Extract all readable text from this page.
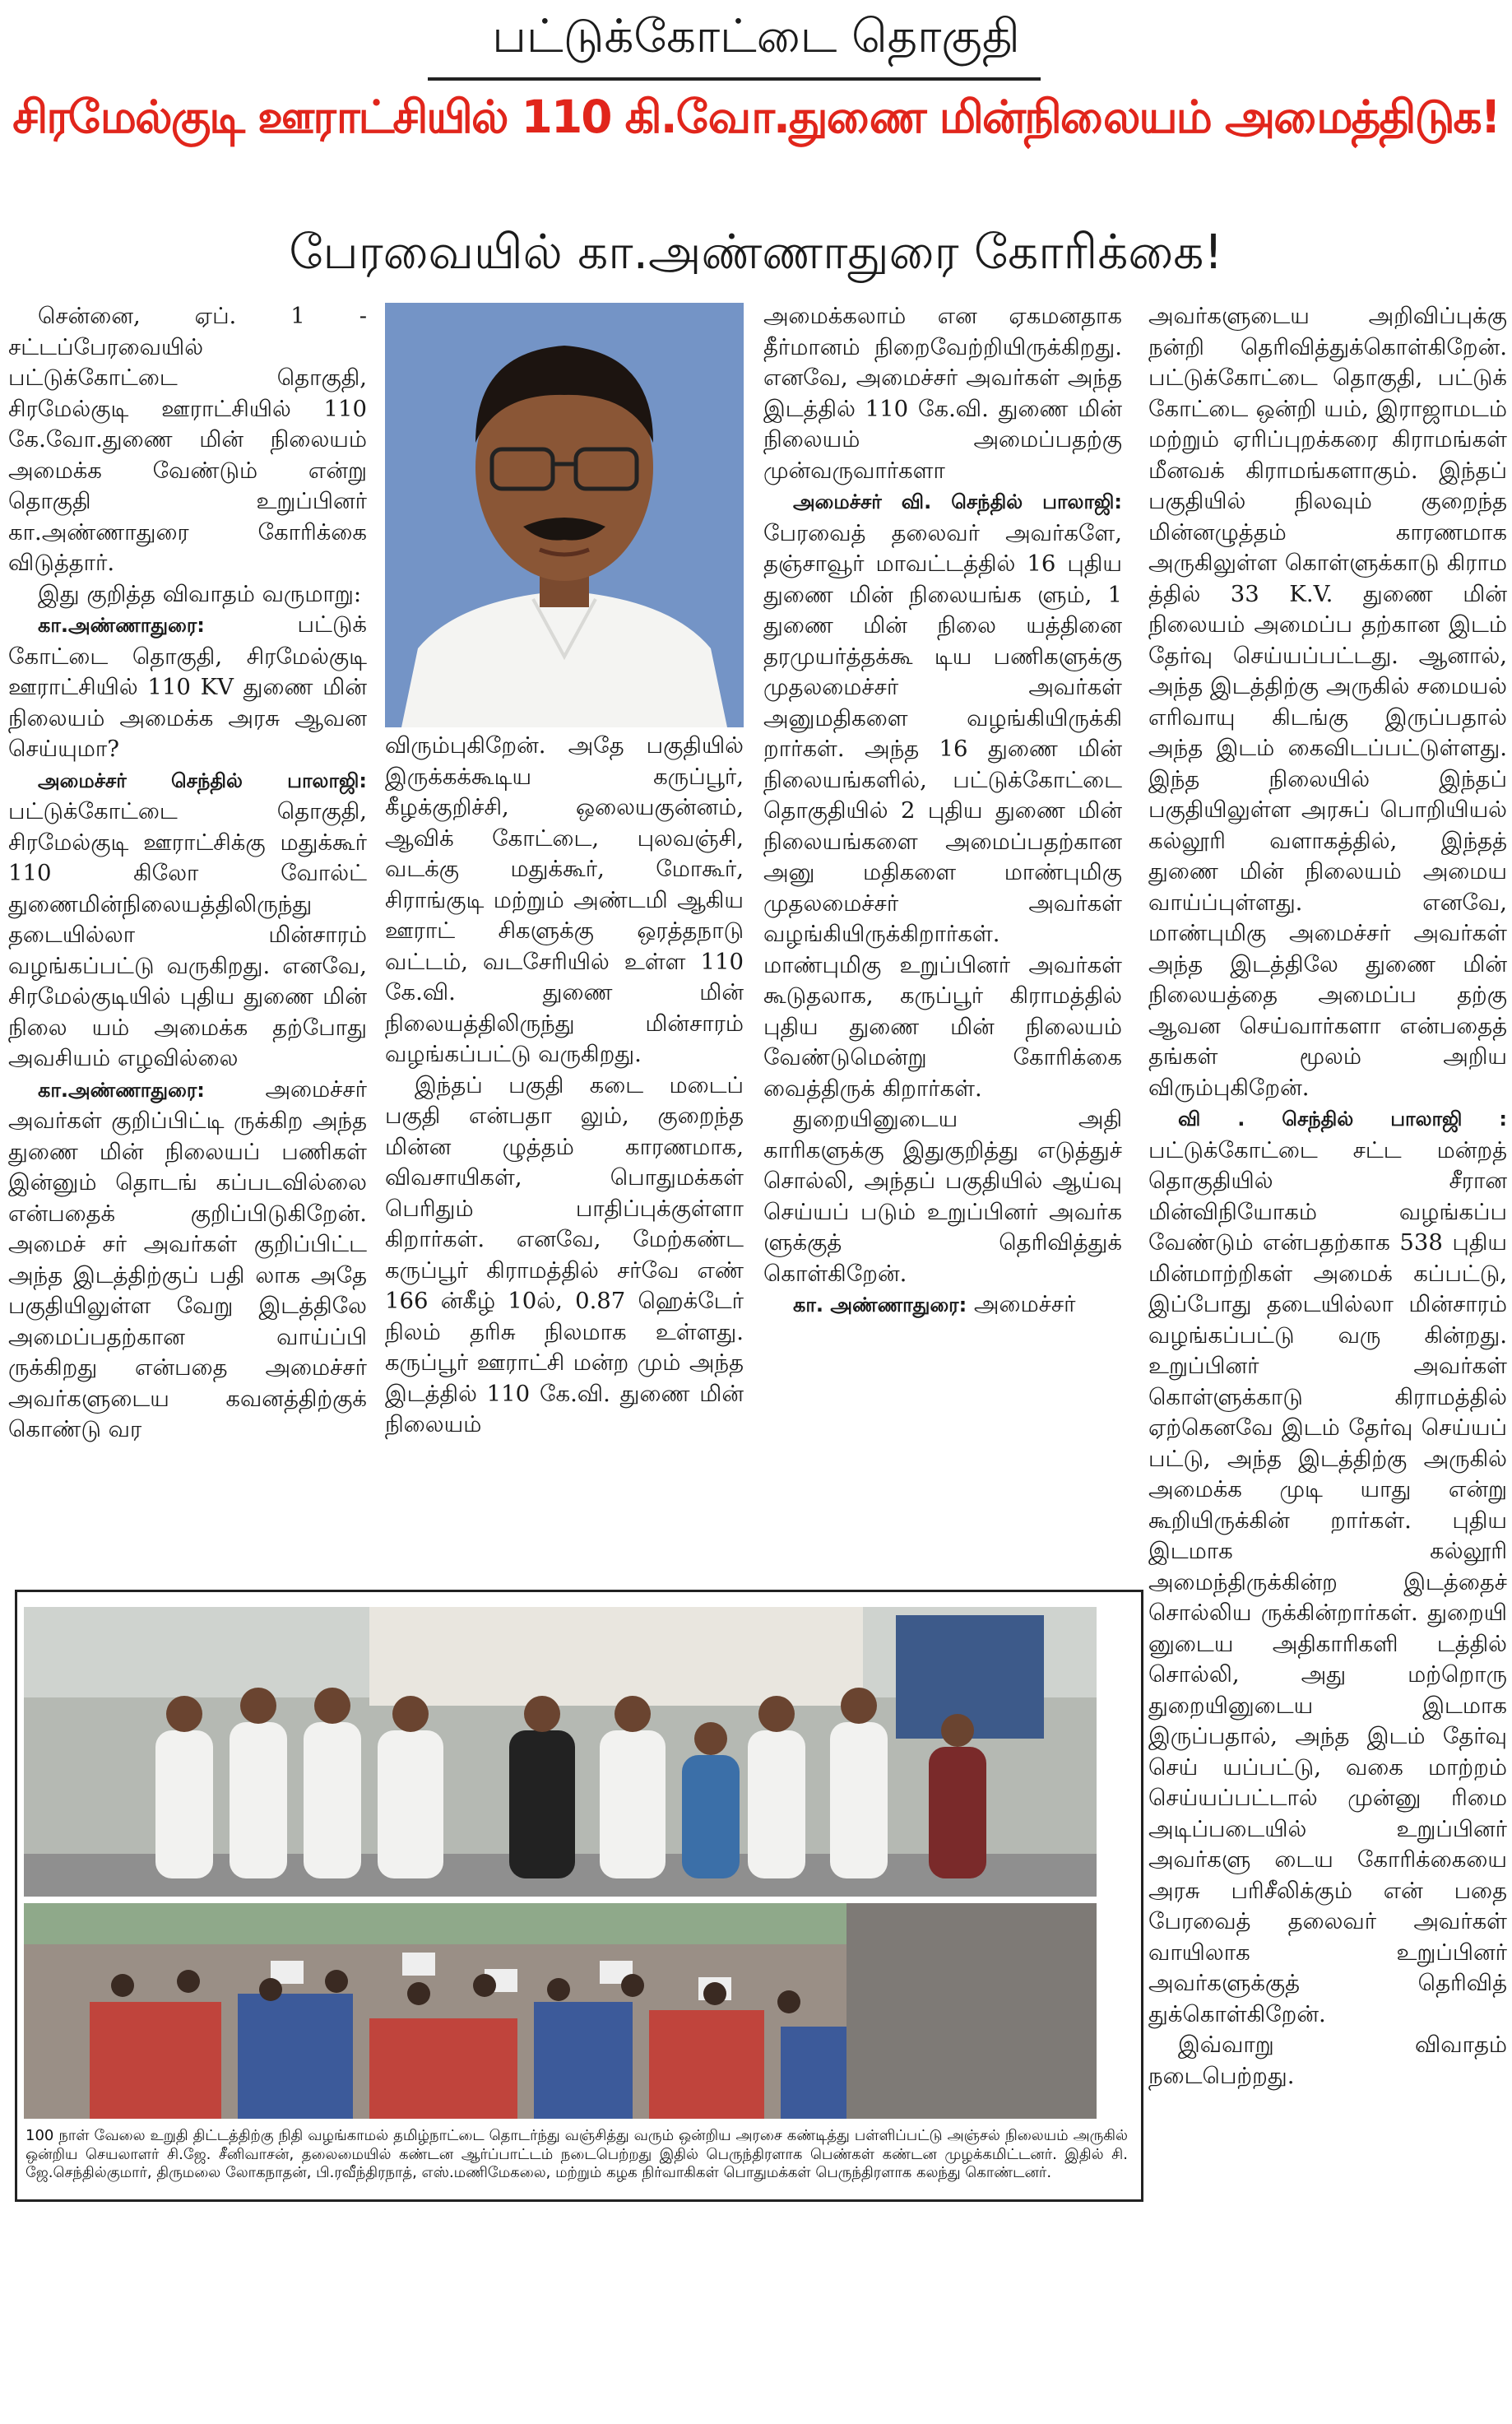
பட்டுக்கோட்டை தொகுதி
சிரமேல்குடி ஊராட்சியில் 110 கி.வோ.துணை மின்நிலையம் அமைத்திடுக!
பேரவையில் கா.அண்ணாதுரை கோரிக்கை!

சென்னை, ஏப். 1 - சட்டப்பேரவையில் பட்டுக்கோட்டை தொகுதி, சிரமேல்குடி ஊராட்சியில் 110 கே.வோ.துணை மின் நிலையம் அமைக்க வேண்டும் என்று தொகுதி உறுப்பினர் கா.அண்ணாதுரை கோரிக்கை விடுத்தார்.

இது குறித்த விவாதம் வருமாறு:

கா.அண்ணாதுரை:	பட்டுக் கோட்டை தொகுதி, சிரமேல்குடி ஊராட்சியில் 110 KV துணை மின் நிலையம் அமைக்க அரசு ஆவன செய்யுமா?

அமைச்சர் செந்தில் பாலாஜி: பட்டுக்கோட்டை தொகுதி, சிரமேல்குடி ஊராட்சிக்கு மதுக்கூர் 110 கிலோ வோல்ட் துணைமின்நிலையத்திலிருந்து தடையில்லா மின்சாரம் வழங்கப்பட்டு வருகிறது. எனவே, சிரமேல்குடியில் புதிய துணை மின் நிலை யம் அமைக்க தற்போது அவசியம் எழவில்லை

கா.அண்ணாதுரை:	அமைச்சர் அவர்கள் குறிப்பிட்டி ருக்கிற அந்த துணை மின் நிலையப் பணிகள் இன்னும் தொடங் கப்படவில்லை என்பதைக் குறிப்பிடுகிறேன். அமைச் சர் அவர்கள் குறிப்பிட்ட அந்த இடத்திற்குப் பதி லாக அதே பகுதியிலுள்ள வேறு இடத்திலே அமைப்பதற்கான வாய்ப்பி ருக்கிறது என்பதை அமைச்சர் அவர்களுடைய கவனத்திற்குக் கொண்டு வர

விரும்புகிறேன். அதே பகுதியில் இருக்கக்கூடிய கருப்பூர், கீழக்குறிச்சி, ஒலையகுன்னம், ஆவிக் கோட்டை, புலவஞ்சி, வடக்கு மதுக்கூர், மோகூர், சிராங்குடி மற்றும் அண்டமி ஆகிய ஊராட் சிகளுக்கு ஒரத்தநாடு வட்டம், வடசேரியில் உள்ள 110 கே.வி. துணை மின் நிலையத்திலிருந்து மின்சாரம் வழங்கப்பட்டு வருகிறது.

இந்தப் பகுதி கடை மடைப் பகுதி என்பதா லும், குறைந்த மின்ன ழுத்தம் காரணமாக, விவசாயிகள், பொதுமக்கள் பெரிதும் பாதிப்புக்குள்ளா கிறார்கள். எனவே, மேற்கண்ட கருப்பூர் கிராமத்தில் சர்வே எண் 166 ன்கீழ் 10ல், 0.87 ஹெக்டேர் நிலம் தரிசு நிலமாக உள்ளது. கருப்பூர் ஊராட்சி மன்ற மும் அந்த இடத்தில் 110 கே.வி. துணை மின் நிலையம்

அமைக்கலாம் என ஏகமனதாக தீர்மானம் நிறைவேற்றியிருக்கிறது. எனவே, அமைச்சர் அவர்கள் அந்த இடத்தில் 110 கே.வி. துணை மின் நிலையம் அமைப்பதற்கு முன்வருவார்களா

அமைச்சர் வி. செந்தில் பாலாஜி: பேரவைத் தலைவர் அவர்களே, தஞ்சாவூர் மாவட்டத்தில் 16 புதிய துணை மின் நிலையங்க ளும், 1 துணை மின் நிலை யத்தினை தரமுயர்த்தக்கூ டிய பணிகளுக்கு முதலமைச்சர் அவர்கள் அனுமதிகளை வழங்கியிருக்கி றார்கள். அந்த 16 துணை மின் நிலையங்களில், பட்டுக்கோட்டை தொகுதியில் 2 புதிய துணை மின் நிலையங்களை அமைப்பதற்கான அனு மதிகளை மாண்புமிகு முதலமைச்சர் அவர்கள் வழங்கியிருக்கிறார்கள். மாண்புமிகு உறுப்பினர் அவர்கள் கூடுதலாக, கருப்பூர் கிராமத்தில் புதிய துணை மின் நிலையம் வேண்டுமென்று கோரிக்கை வைத்திருக் கிறார்கள்.

துறையினுடைய அதி காரிகளுக்கு இதுகுறித்து எடுத்துச் சொல்லி, அந்தப் பகுதியில் ஆய்வு செய்யப் படும் உறுப்பினர் அவர்க ளுக்குத் தெரிவித்துக் கொள்கிறேன்.

கா. அண்ணாதுரை: அமைச்சர்

அவர்களுடைய அறிவிப்புக்கு நன்றி தெரிவித்துக்கொள்கிறேன். பட்டுக்கோட்டை தொகுதி, பட்டுக் கோட்டை ஒன்றி யம், இராஜாமடம் மற்றும் ஏரிப்புறக்கரை கிராமங்கள் மீனவக் கிராமங்களாகும். இந்தப் பகுதியில் நிலவும் குறைந்த மின்னழுத்தம் காரணமாக அருகிலுள்ள கொள்ளுக்காடு கிராம த்தில் 33 K.V. துணை மின் நிலையம் அமைப்ப தற்கான இடம் தேர்வு செய்யப்பட்டது. ஆனால், அந்த இடத்திற்கு அருகில் சமையல் எரிவாயு கிடங்கு இருப்பதால் அந்த இடம் கைவிடப்பட்டுள்ளது. இந்த நிலையில் இந்தப் பகுதியிலுள்ள அரசுப் பொறியியல் கல்லூரி வளாகத்தில், இந்தத் துணை மின் நிலையம் அமைய வாய்ப்புள்ளது. எனவே, மாண்புமிகு அமைச்சர் அவர்கள் அந்த இடத்திலே துணை மின் நிலையத்தை அமைப்ப தற்கு ஆவன செய்வார்களா என்பதைத் தங்கள் மூலம் அறிய விரும்புகிறேன்.

வி . செந்தில் பாலாஜி : பட்டுக்கோட்டை சட்ட மன்றத் தொகுதியில் சீரான மின்விநியோகம் வழங்கப்ப வேண்டும் என்பதற்காக 538 புதிய மின்மாற்றிகள் அமைக் கப்பட்டு, இப்போது தடையில்லா மின்சாரம் வழங்கப்பட்டு வரு கின்றது. உறுப்பினர் அவர்கள் கொள்ளுக்காடு கிராமத்தில் ஏற்கெனவே இடம் தேர்வு செய்யப் பட்டு, அந்த இடத்திற்கு அருகில் அமைக்க முடி யாது என்று கூறியிருக்கின் றார்கள். புதிய இடமாக கல்லூரி அமைந்திருக்கின்ற இடத்தைச் சொல்லிய ருக்கின்றார்கள். துறையி னுடைய அதிகாரிகளி டத்தில் சொல்லி, அது மற்றொரு துறையினுடைய இடமாக இருப்பதால், அந்த இடம் தேர்வு செய் யப்பட்டு, வகை மாற்றம் செய்யப்பட்டால் முன்னு ரிமை அடிப்படையில் உறுப்பினர் அவர்களு டைய கோரிக்கையை அரசு பரிசீலிக்கும் என் பதை பேரவைத் தலைவர் அவர்கள் வாயிலாக உறுப்பினர் அவர்களுக்குத் தெரிவித் துக்கொள்கிறேன்.

இவ்வாறு விவாதம் நடைபெற்றது.

100 நாள் வேலை உறுதி திட்டத்திற்கு நிதி வழங்காமல் தமிழ்நாட்டை தொடர்ந்து வஞ்சித்து வரும் ஒன்றிய அரசை கண்டித்து பள்ளிப்பட்டு அஞ்சல் நிலையம் அருகில் ஒன்றிய செயலாளர் சி.ஜே. சீனிவாசன், தலைமையில் கண்டன ஆர்ப்பாட்டம் நடைபெற்றது இதில் பெருந்திரளாக பெண்கள் கண்டன முழக்கமிட்டனர். இதில் சி. ஜே.செந்தில்குமார், திருமலை லோகநாதன், பி.ரவீந்திரநாத், எஸ்.மணிமேகலை, மற்றும் கழக நிர்வாகிகள் பொதுமக்கள் பெருந்திரளாக கலந்து கொண்டனர்.
